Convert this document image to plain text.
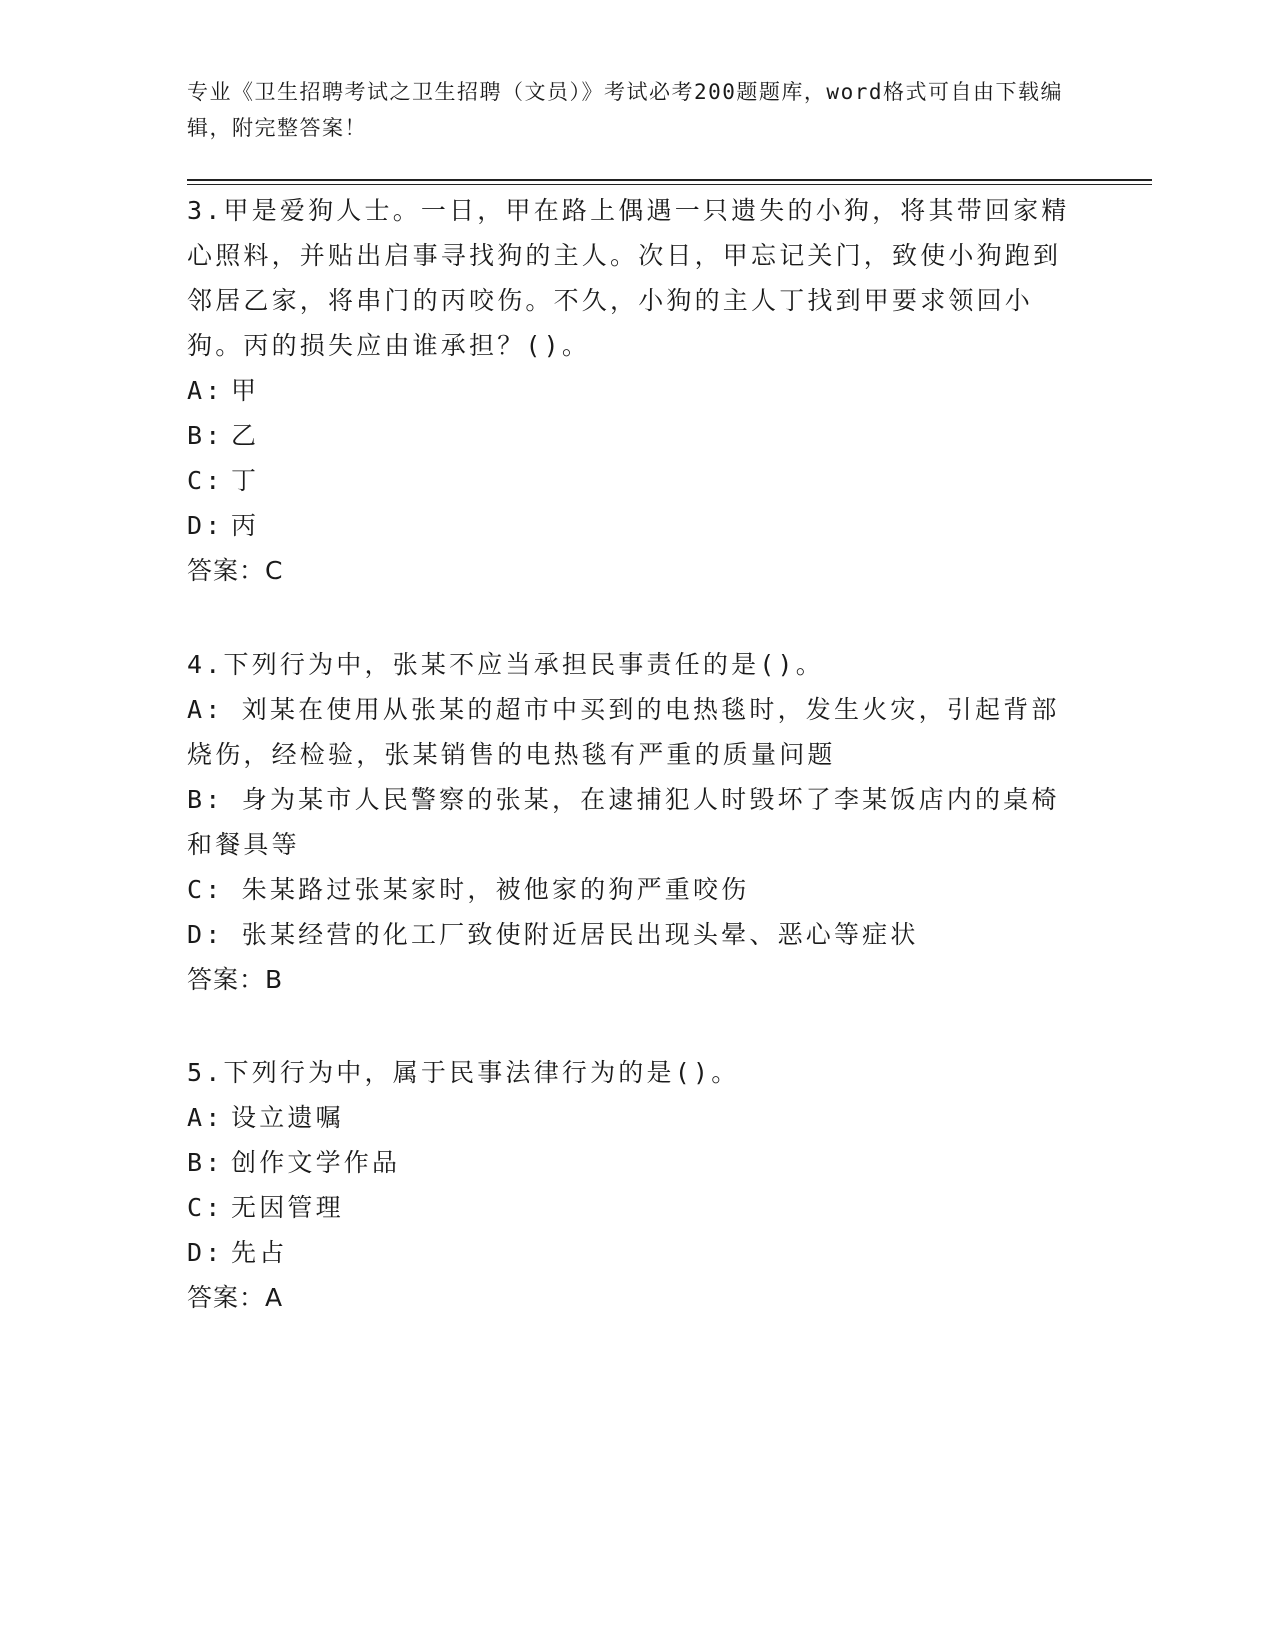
专业《卫生招聘考试之卫生招聘（文员）》考试必考200题题库，word格式可自由下载编辑，附完整答案！

3.甲是爱狗人士。一日，甲在路上偶遇一只遗失的小狗，将其带回家精心照料，并贴出启事寻找狗的主人。次日，甲忘记关门，致使小狗跑到邻居乙家，将串门的丙咬伤。不久，小狗的主人丁找到甲要求领回小狗。丙的损失应由谁承担？()。

A: 甲

B: 乙

C: 丁

D: 丙

答案：C

4.下列行为中，张某不应当承担民事责任的是()。

A: 刘某在使用从张某的超市中买到的电热毯时，发生火灾，引起背部烧伤，经检验，张某销售的电热毯有严重的质量问题

B: 身为某市人民警察的张某，在逮捕犯人时毁坏了李某饭店内的桌椅和餐具等

C: 朱某路过张某家时，被他家的狗严重咬伤

D: 张某经营的化工厂致使附近居民出现头晕、恶心等症状

答案：B

5.下列行为中，属于民事法律行为的是()。

A: 设立遗嘱

B: 创作文学作品

C: 无因管理

D: 先占

答案：A
